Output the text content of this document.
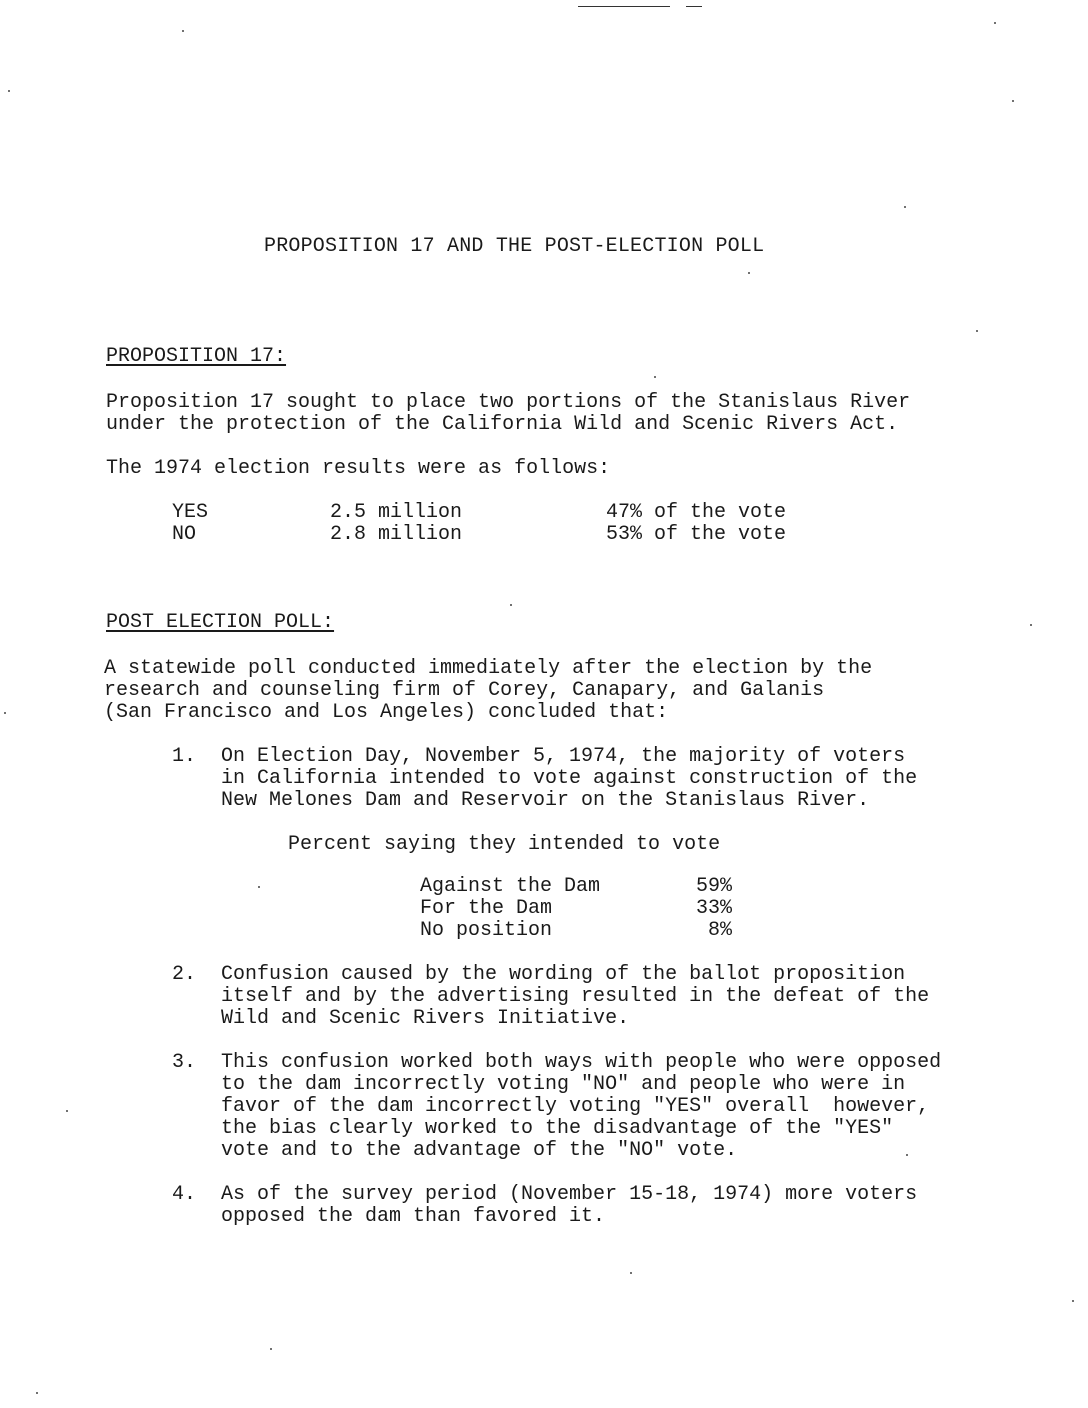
PROPOSITION 17 AND THE POST-ELECTION POLL
PROPOSITION 17:
Proposition 17 sought to place two portions of the Stanislaus River
under the protection of the California Wild and Scenic Rivers Act.
The 1974 election results were as follows:
YES	2.5 million	47% of the vote
NO	2.8 million	53% of the vote
POST ELECTION POLL:
A statewide poll conducted immediately after the election by the
research and counseling firm of Corey, Canapary, and Galanis
(San Francisco and Los Angeles) concluded that:
1. On Election Day, November 5, 1974, the majority of voters
in California intended to vote against construction of the
New Melones Dam and Reservoir on the Stanislaus River.
Percent saying they intended to vote
Against the Dam	59%
For the Dam	33%
No position	8%
2. Confusion caused by the wording of the ballot proposition
itself and by the advertising resulted in the defeat of the
Wild and Scenic Rivers Initiative.
3. This confusion worked both ways with people who were opposed
to the dam incorrectly voting "NO" and people who were in
favor of the dam incorrectly voting "YES" overall  however,
the bias clearly worked to the disadvantage of the "YES"
vote and to the advantage of the "NO" vote.
4. As of the survey period (November 15-18, 1974) more voters
opposed the dam than favored it.
